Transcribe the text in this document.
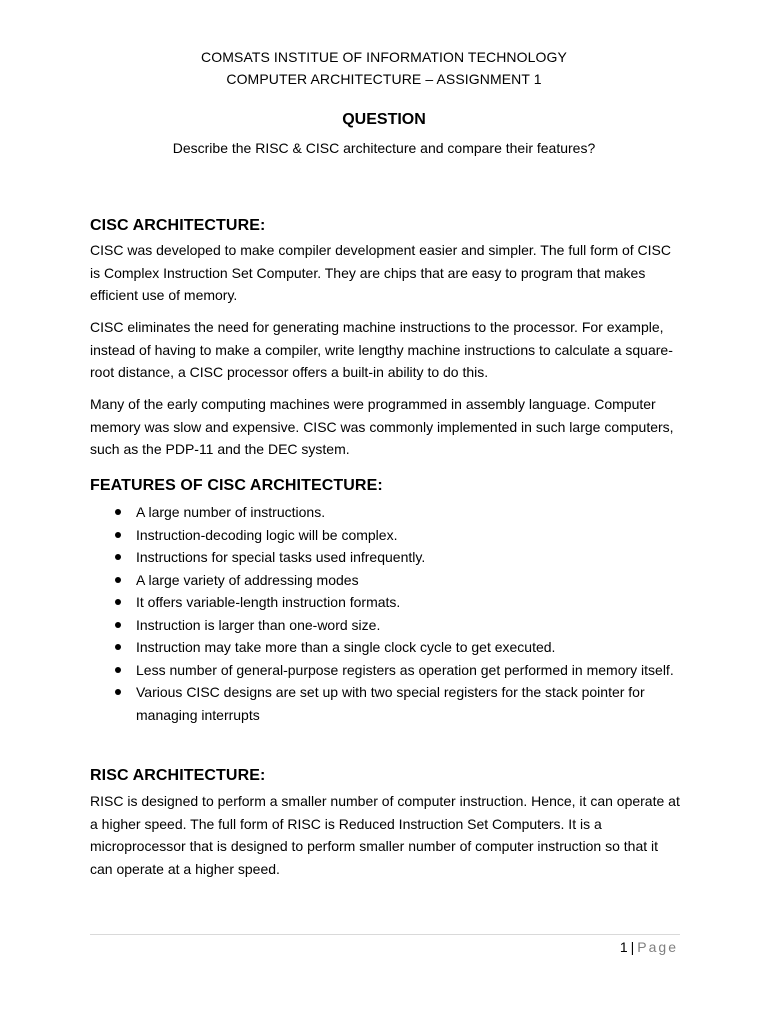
COMSATS INSTITUE OF INFORMATION TECHNOLOGY
COMPUTER ARCHITECTURE – ASSIGNMENT 1
QUESTION
Describe the RISC & CISC architecture and compare their features?
CISC ARCHITECTURE:

CISC was developed to make compiler development easier and simpler. The full form of CISC is Complex Instruction Set Computer. They are chips that are easy to program that makes efficient use of memory.

CISC eliminates the need for generating machine instructions to the processor. For example, instead of having to make a compiler, write lengthy machine instructions to calculate a square-root distance, a CISC processor offers a built-in ability to do this.

Many of the early computing machines were programmed in assembly language. Computer memory was slow and expensive. CISC was commonly implemented in such large computers, such as the PDP-11 and the DEC system.

FEATURES OF CISC ARCHITECTURE:
A large number of instructions.
Instruction-decoding logic will be complex.
Instructions for special tasks used infrequently.
A large variety of addressing modes
It offers variable-length instruction formats.
Instruction is larger than one-word size.
Instruction may take more than a single clock cycle to get executed.
Less number of general-purpose registers as operation get performed in memory itself.
Various CISC designs are set up with two special registers for the stack pointer for managing interrupts
RISC ARCHITECTURE:

RISC is designed to perform a smaller number of computer instruction. Hence, it can operate at a higher speed. The full form of RISC is Reduced Instruction Set Computers. It is a microprocessor that is designed to perform smaller number of computer instruction so that it can operate at a higher speed.

1 | Page
